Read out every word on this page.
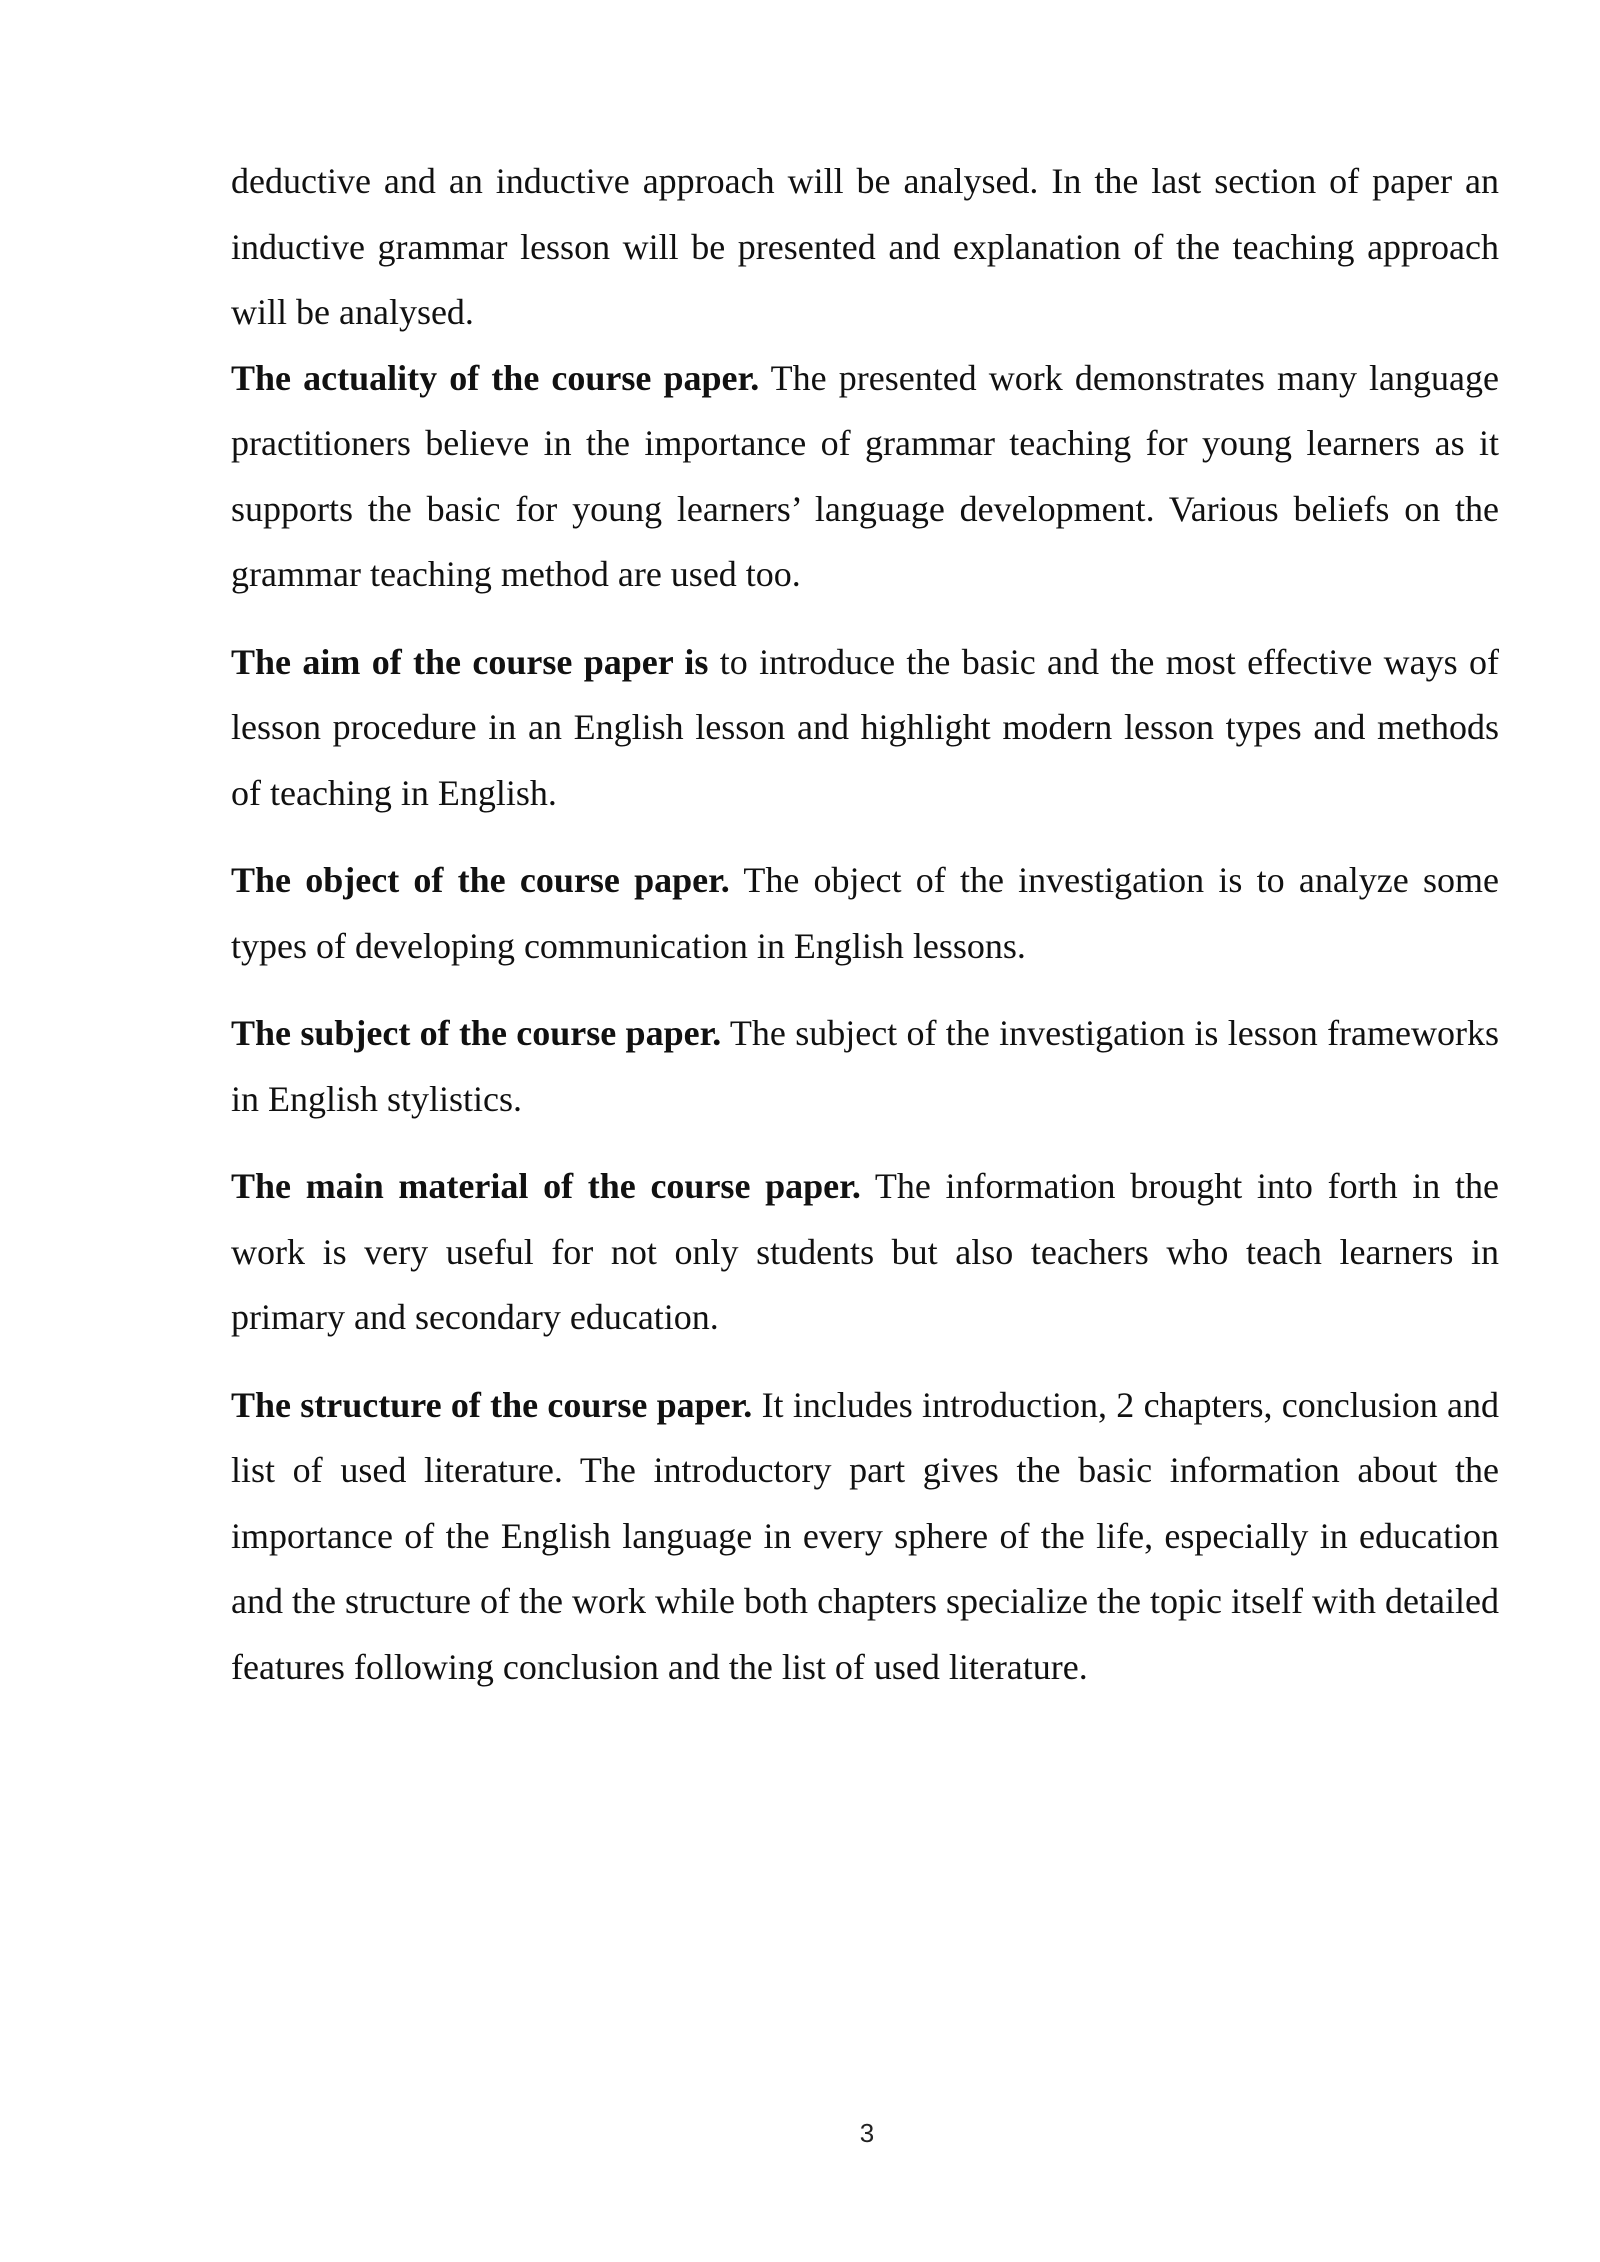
deductive and an inductive approach will be analysed. In the last section of paper an inductive grammar lesson will be presented and explanation of the teaching approach will be analysed.

The actuality of the course paper. The presented work demonstrates many language practitioners believe in the importance of grammar teaching for young learners as it supports the basic for young learners’ language development. Various beliefs on the grammar teaching method are used too.

The aim of the course paper is to introduce the basic and the most effective ways of lesson procedure in an English lesson and highlight modern lesson types and methods of teaching in English.

The object of the course paper. The object of the investigation is to analyze some types of developing communication in English lessons.

The subject of the course paper. The subject of the investigation is lesson frameworks in English stylistics.

The main material of the course paper. The information brought into forth in the work is very useful for not only students but also teachers who teach learners in primary and secondary education.

The structure of the course paper. It includes introduction, 2 chapters, conclusion and list of used literature. The introductory part gives the basic information about the importance of the English language in every sphere of the life, especially in education and the structure of the work while both chapters specialize the topic itself with detailed features following conclusion and the list of used literature.

3
